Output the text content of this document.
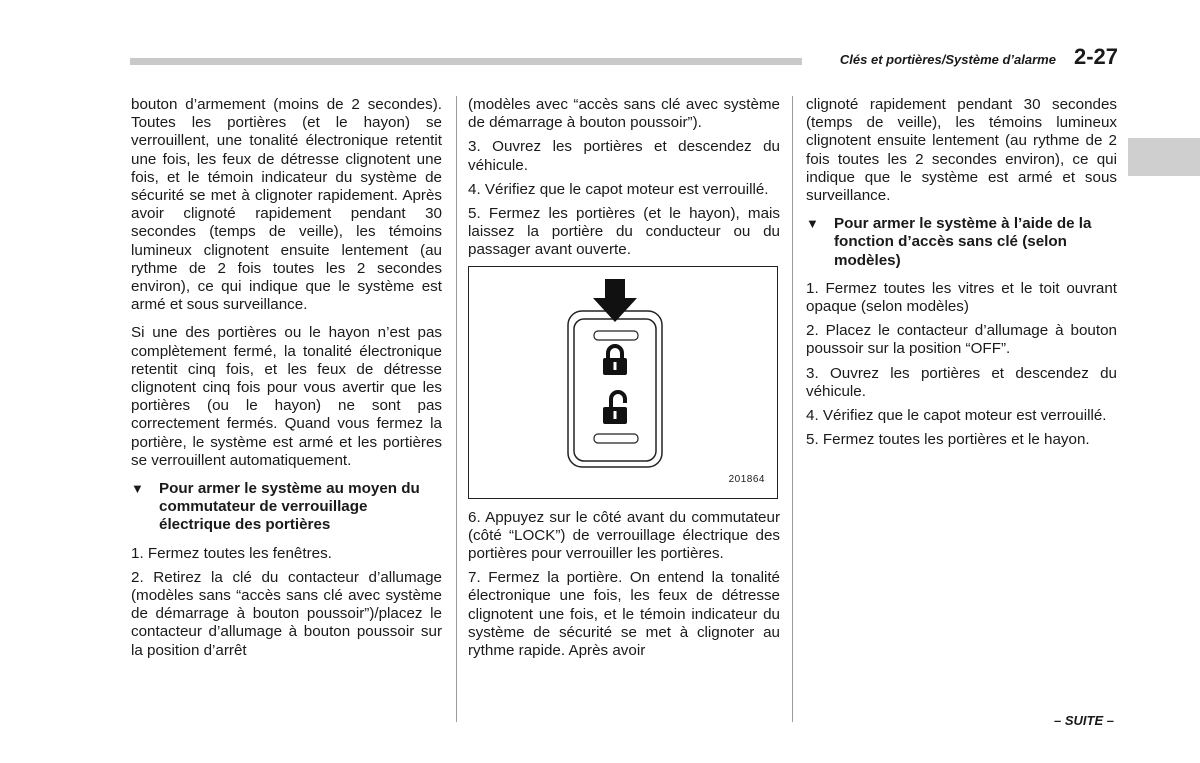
Clés et portières/Système d’alarme 2-27

bouton d’armement (moins de 2 secondes). Toutes les portières (et le hayon) se verrouillent, une tonalité électronique retentit une fois, les feux de détresse clignotent une fois, et le témoin indicateur du système de sécurité se met à clignoter rapidement. Après avoir clignoté rapidement pendant 30 secondes (temps de veille), les témoins lumineux clignotent ensuite lentement (au rythme de 2 fois toutes les 2 secondes environ), ce qui indique que le système est armé et sous surveillance.

Si une des portières ou le hayon n’est pas complètement fermé, la tonalité électronique retentit cinq fois, et les feux de détresse clignotent cinq fois pour vous avertir que les portières (ou le hayon) ne sont pas correctement fermés. Quand vous fermez la portière, le système est armé et les portières se verrouillent automatiquement.

▼ Pour armer le système au moyen du commutateur de verrouillage électrique des portières

1. Fermez toutes les fenêtres.

2. Retirez la clé du contacteur d’allumage (modèles sans “accès sans clé avec système de démarrage à bouton poussoir”)/placez le contacteur d’allumage à bouton poussoir sur la position d’arrêt

(modèles avec “accès sans clé avec système de démarrage à bouton poussoir”).

3. Ouvrez les portières et descendez du véhicule.

4. Vérifiez que le capot moteur est verrouillé.

5. Fermez les portières (et le hayon), mais laissez la portière du conducteur ou du passager avant ouverte.

201864

6. Appuyez sur le côté avant du commutateur (côté “LOCK”) de verrouillage électrique des portières pour verrouiller les portières.

7. Fermez la portière. On entend la tonalité électronique une fois, les feux de détresse clignotent une fois, et le témoin indicateur du système de sécurité se met à clignoter au rythme rapide. Après avoir

clignoté rapidement pendant 30 secondes (temps de veille), les témoins lumineux clignotent ensuite lentement (au rythme de 2 fois toutes les 2 secondes environ), ce qui indique que le système est armé et sous surveillance.

▼ Pour armer le système à l’aide de la fonction d’accès sans clé (selon modèles)

1. Fermez toutes les vitres et le toit ouvrant opaque (selon modèles)

2. Placez le contacteur d’allumage à bouton poussoir sur la position “OFF”.

3. Ouvrez les portières et descendez du véhicule.

4. Vérifiez que le capot moteur est verrouillé.

5. Fermez toutes les portières et le hayon.

– SUITE –
